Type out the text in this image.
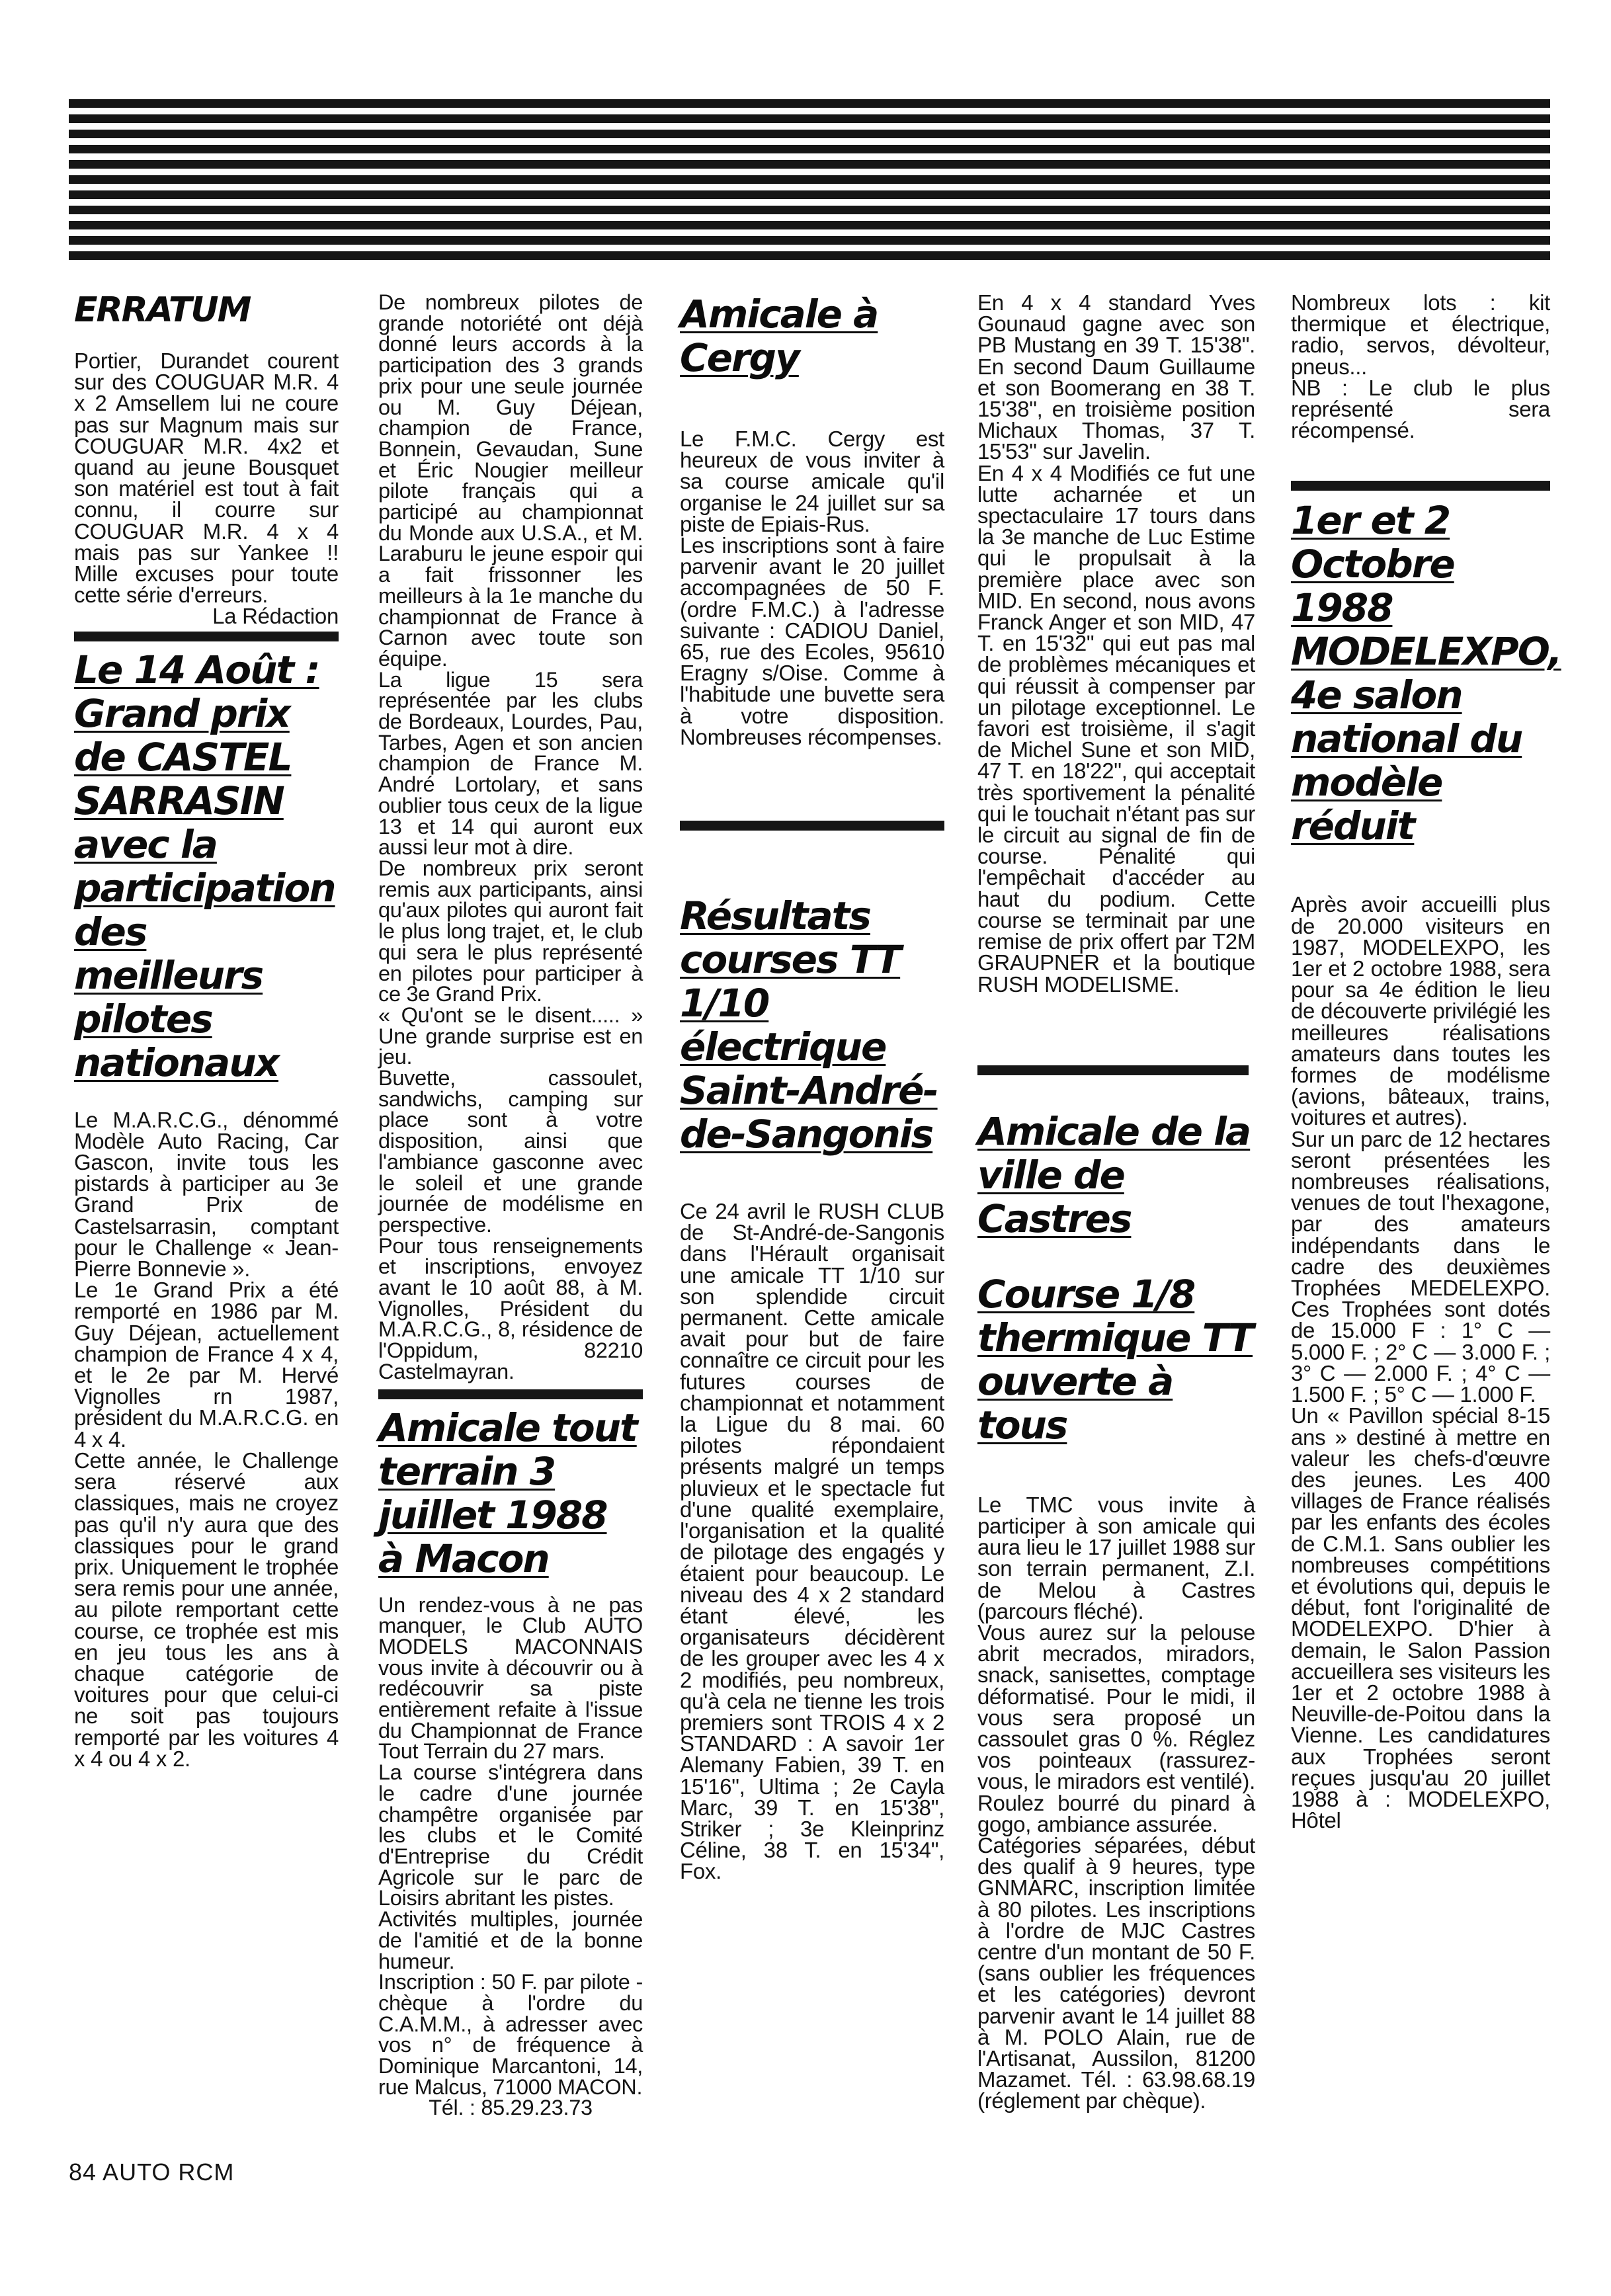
ERRATUM

Portier, Durandet courent sur des COUGUAR M.R. 4 x 2 Amsellem lui ne coure pas sur Magnum mais sur COUGUAR M.R. 4x2 et quand au jeune Bousquet son matériel est tout à fait connu, il courre sur COUGUAR M.R. 4 x 4 mais pas sur Yankee !! Mille excuses pour toute cette série d'erreurs.

La Rédaction

Le 14 Août : Grand prix de CASTEL SARRASIN avec la participation des meilleurs pilotes nationaux

Le M.A.R.C.G., dénommé Modèle Auto Racing, Car Gascon, invite tous les pistards à participer au 3e Grand Prix de Castelsarrasin, comptant pour le Challenge « Jean-Pierre Bonnevie ».

Le 1e Grand Prix a été remporté en 1986 par M. Guy Déjean, actuellement champion de France 4 x 4, et le 2e par M. Hervé Vignolles rn 1987, président du M.A.R.C.G. en 4 x 4.

Cette année, le Challenge sera réservé aux classiques, mais ne croyez pas qu'il n'y aura que des classiques pour le grand prix. Uniquement le trophée sera remis pour une année, au pilote remportant cette course, ce trophée est mis en jeu tous les ans à chaque catégorie de voitures pour que celui-ci ne soit pas toujours remporté par les voitures 4 x 4 ou 4 x 2.

De nombreux pilotes de grande notoriété ont déjà donné leurs accords à la participation des 3 grands prix pour une seule journée ou M. Guy Déjean, champion de France, Bonnein, Gevaudan, Sune et Éric Nougier meilleur pilote français qui a participé au championnat du Monde aux U.S.A., et M. Laraburu le jeune espoir qui a fait frissonner les meilleurs à la 1e manche du championnat de France à Carnon avec toute son équipe.

La ligue 15 sera représentée par les clubs de Bordeaux, Lourdes, Pau, Tarbes, Agen et son ancien champion de France M. André Lortolary, et sans oublier tous ceux de la ligue 13 et 14 qui auront eux aussi leur mot à dire.

De nombreux prix seront remis aux participants, ainsi qu'aux pilotes qui auront fait le plus long trajet, et, le club qui sera le plus représenté en pilotes pour participer à ce 3e Grand Prix.

« Qu'ont se le disent..... » Une grande surprise est en jeu.

Buvette, cassoulet, sandwichs, camping sur place sont à votre disposition, ainsi que l'ambiance gasconne avec le soleil et une grande journée de modélisme en perspective.

Pour tous renseignements et inscriptions, envoyez avant le 10 août 88, à M. Vignolles, Président du M.A.R.C.G., 8, résidence de l'Oppidum, 82210 Castelmayran.

Amicale tout terrain 3 juillet 1988 à Macon

Un rendez-vous à ne pas manquer, le Club AUTO MODELS MACONNAIS vous invite à découvrir ou à redécouvrir sa piste entièrement refaite à l'issue du Championnat de France Tout Terrain du 27 mars.

La course s'intégrera dans le cadre d'une journée champêtre organisée par les clubs et le Comité d'Entreprise du Crédit Agricole sur le parc de Loisirs abritant les pistes.

Activités multiples, journée de l'amitié et de la bonne humeur.

Inscription : 50 F. par pilote - chèque à l'ordre du C.A.M.M., à adresser avec vos n° de fréquence à Dominique Marcantoni, 14, rue Malcus, 71000 MACON.

Tél. : 85.29.23.73

Amicale à Cergy

Le F.M.C. Cergy est heureux de vous inviter à sa course amicale qu'il organise le 24 juillet sur sa piste de Epiais-Rus.

Les inscriptions sont à faire parvenir avant le 20 juillet accompagnées de 50 F. (ordre F.M.C.) à l'adresse suivante : CADIOU Daniel, 65, rue des Ecoles, 95610 Eragny s/Oise. Comme à l'habitude une buvette sera à votre disposition. Nombreuses récompenses.

Résultats courses TT 1/10 électrique Saint-André-de-Sangonis

Ce 24 avril le RUSH CLUB de St-André-de-Sangonis dans l'Hérault organisait une amicale TT 1/10 sur son splendide circuit permanent. Cette amicale avait pour but de faire connaître ce circuit pour les futures courses de championnat et notamment la Ligue du 8 mai. 60 pilotes répondaient présents malgré un temps pluvieux et le spectacle fut d'une qualité exemplaire, l'organisation et la qualité de pilotage des engagés y étaient pour beaucoup. Le niveau des 4 x 2 standard étant élevé, les organisateurs décidèrent de les grouper avec les 4 x 2 modifiés, peu nombreux, qu'à cela ne tienne les trois premiers sont TROIS 4 x 2 STANDARD : A savoir 1er Alemany Fabien, 39 T. en 15'16", Ultima ; 2e Cayla Marc, 39 T. en 15'38", Striker ; 3e Kleinprinz Céline, 38 T. en 15'34", Fox.

En 4 x 4 standard Yves Gounaud gagne avec son PB Mustang en 39 T. 15'38". En second Daum Guillaume et son Boomerang en 38 T. 15'38", en troisième position Michaux Thomas, 37 T. 15'53" sur Javelin.

En 4 x 4 Modifiés ce fut une lutte acharnée et un spectaculaire 17 tours dans la 3e manche de Luc Estime qui le propulsait à la première place avec son MID. En second, nous avons Franck Anger et son MID, 47 T. en 15'32" qui eut pas mal de problèmes mécaniques et qui réussit à compenser par un pilotage exceptionnel. Le favori est troisième, il s'agit de Michel Sune et son MID, 47 T. en 18'22", qui acceptait très sportivement la pénalité qui le touchait n'étant pas sur le circuit au signal de fin de course. Pénalité qui l'empêchait d'accéder au haut du podium. Cette course se terminait par une remise de prix offert par T2M GRAUPNER et la boutique RUSH MODELISME.

Amicale de la ville de Castres
Course 1/8 thermique TT ouverte à tous

Le TMC vous invite à participer à son amicale qui aura lieu le 17 juillet 1988 sur son terrain permanent, Z.I. de Melou à Castres (parcours fléché).

Vous aurez sur la pelouse abrit mecrados, miradors, snack, sanisettes, comptage déformatisé. Pour le midi, il vous sera proposé un cassoulet gras 0 %. Réglez vos pointeaux (rassurez-vous, le miradors est ventilé). Roulez bourré du pinard à gogo, ambiance assurée.

Catégories séparées, début des qualif à 9 heures, type GNMARC, inscription limitée à 80 pilotes. Les inscriptions à l'ordre de MJC Castres centre d'un montant de 50 F. (sans oublier les fréquences et les catégories) devront parvenir avant le 14 juillet 88 à M. POLO Alain, rue de l'Artisanat, Aussilon, 81200 Mazamet. Tél. : 63.98.68.19 (réglement par chèque).

Nombreux lots : kit thermique et électrique, radio, servos, dévolteur, pneus...

NB : Le club le plus représenté sera récompensé.

1er et 2 Octobre 1988 MODELEXPO, 4e salon national du modèle réduit

Après avoir accueilli plus de 20.000 visiteurs en 1987, MODELEXPO, les 1er et 2 octobre 1988, sera pour sa 4e édition le lieu de découverte privilégié les meilleures réalisations amateurs dans toutes les formes de modélisme (avions, bâteaux, trains, voitures et autres).

Sur un parc de 12 hectares seront présentées les nombreuses réalisations, venues de tout l'hexagone, par des amateurs indépendants dans le cadre des deuxièmes Trophées MEDELEXPO. Ces Trophées sont dotés de 15.000 F : 1° C — 5.000 F. ; 2° C — 3.000 F. ; 3° C — 2.000 F. ; 4° C — 1.500 F. ; 5° C — 1.000 F.

Un « Pavillon spécial 8-15 ans » destiné à mettre en valeur les chefs-d'œuvre des jeunes. Les 400 villages de France réalisés par les enfants des écoles de C.M.1. Sans oublier les nombreuses compétitions et évolutions qui, depuis le début, font l'originalité de MODELEXPO. D'hier à demain, le Salon Passion accueillera ses visiteurs les 1er et 2 octobre 1988 à Neuville-de-Poitou dans la Vienne. Les candidatures aux Trophées seront reçues jusqu'au 20 juillet 1988 à : MODELEXPO, Hôtel

84 AUTO RCM
